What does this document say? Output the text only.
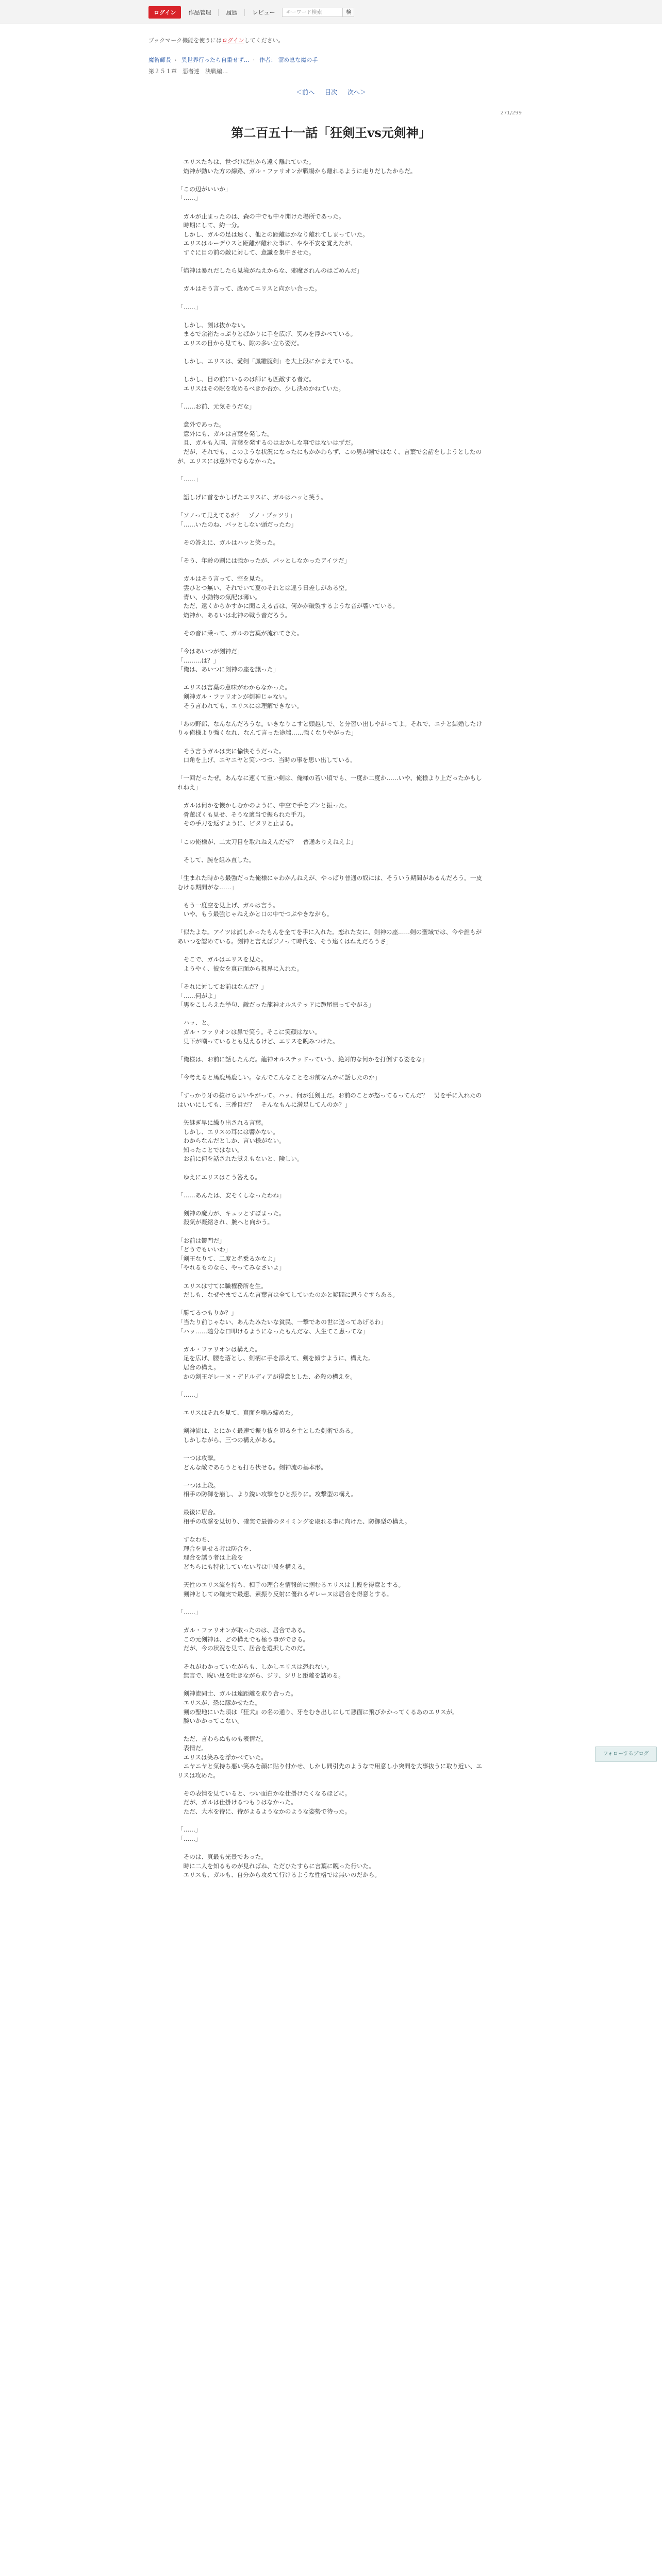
ログイン	作品管理	履歴	レビュー	キーワード検索	検
ブックマーク機能を使うにはログインしてください。
魔術師長 › 異世界行ったら自重せず… · 作者： 溜め息な魔の手
第２５１章　悪者達　決戦編…
＜前へ 目次 次へ＞
271/299
第二百五十一話「狂剣王vs元剣神」

　エリスたちは、世づけば出から遠く離れていた。

　焔神が動いた方の線路、ガル・ファリオンが戦場から離れるように走りだしたからだ。

「この辺がいいか」

「……」

　ガルが止まったのは、森の中でも中々開けた場所であった。

　時期にして、約一分。

　しかし、ガルの足は速く、他との距離はかなり離れてしまっていた。

　エリスはルーデウスと距離が離れた事に、やや不安を覚えたが、

　すぐに目の前の敵に対して、意識を集中させた。

「焔神は暴れだしたら見境がねえからな、邪魔されんのはごめんだ」

　ガルはそう言って、改めてエリスと向かい合った。

「……」

　しかし、剣は抜かない。

　まるで余裕たっぷりとばかりに手を広げ、笑みを浮かべている。

　エリスの目から見ても、隙の多い立ち姿だ。

　しかし、エリスは、愛剣「鳳雛腹剣」を大上段にかまえている。

　しかし、目の前にいるのは師にも匹敵する者だ。

　エリスはその隙を攻めるべきか否か、少し決めかねていた。

「……お前、元気そうだな」

　意外であった。

　意外にも、ガルは言葉を発した。

　且、ガルも入国、言葉を発するのはおかしな事ではないはずだ。

　だが、それでも、このような状況になったにもかかわらず、この男が剣ではなく、言葉で会話をしようとしたのが、エリスには意外でならなかった。

「……」

　語しげに首をかしげたエリスに、ガルはハッと笑う。

「ソノって見えてるか？　ゾノ・プッツリ」

「……いたのね、バッとしない頭だったわ」

　その答えに、ガルはハッと笑った。

「そう、年齢の割には強かったが、パッとしなかったアイツだ」

　ガルはそう言って、空を見た。

　雲ひとつ無い、それでいて夏のそれとは違う日差しがある空。

　青い、小動物の気配は薄い。

　ただ、遠くからかすかに聞こえる音は、何かが破裂するような音が響いている。

　焔神か、あるいは北神の戦う音だろう。

　その音に乗って、ガルの言葉が流れてきた。

「今はあいつが剣神だ」

「………は？」

「俺は、あいつに剣神の座を譲った」

　エリスは言葉の意味がわからなかった。

　剣神ガル・ファリオンが剣神じゃない。

　そう言われても、エリスには理解できない。

「あの野郎、なんなんだろうな。いきなりこすと頭越しで、と分習い出しやがってよ。それで、ニナと結婚したけりゃ俺様より強くなれ、なんて言った途端……強くなりやがった」

　そう言うガルは実に愉快そうだった。

　口角を上げ、ニヤニヤと笑いつつ、当時の事を思い出している。

「一回だったぜ。あんなに速くて重い剣は、俺様の若い頃でも、一度か二度か……いや、俺様より上だったかもしれねえ」

　ガルは何かを懐かしむかのように、中空で手をブンと振った。

　骨董ぽくも見せ、そうな適当で振られた手刀。

　その手刀を返すように、ピタリと止まる。

「この俺様が、二太刀目を取れねえんだぜ？　普通ありえねえよ」

　そして、腕を組み直した。

「生まれた時から最強だった俺様にゃわかんねえが、やっぱり普通の奴には、そういう期間があるんだろう。一皮むける期間がな……」

　もう一度空を見上げ、ガルは言う。

　いや、もう最強じゃねえかと口の中でつぶやきながら。

「似たよな。アイツは試しかったもんを全てを手に入れた。恋れた女に、剣神の座……剣の聖域では、今や誰もがあいつを認めている。剣神と言えばジノって時代を、そう遠くはねえだろうさ」

　そこで、ガルはエリスを見た。

　ようやく、彼女を真正面から視界に入れた。

「それに対してお前はなんだ？」

「……何がよ」

「男をこしらえた挙句、敵だった龍神オルステッドに跪尾振ってやがる」

　ハッ、と。

　ガル・ファリオンは鼻で笑う。そこに笑顔はない。

　見下が嘲っているとも見えるけど、エリスを睨みつけた。

「俺様は、お前に話したんだ。龍神オルステッドっていう、絶対的な何かを打倒する姿をな」

「今考えると馬鹿馬鹿しい。なんでこんなことをお前なんかに話したのか」

「すっかり牙の抜けちまいやがって。ハッ、何が狂剣王だ。お前のことが怒ってるってんだ？　男を手に入れたのはいいにしても、三番目だ？　そんなもんに満足してんのか？」

　矢継ぎ早に繰り出される言葉。

　しかし、エリスの耳には響かない。

　わからなんだとしか、言い様がない。

　知ったことではない。

　お前に何を話された覚えもないと、険しい。

　ゆえにエリスはこう答える。

「……あんたは、安そくしなったわね」

　剣神の魔力が、キュッとすぼまった。

　殺気が凝縮され、腕へと向かう。

「お前は鬱門だ」

「どうでもいいわ」

「剣王なりて、二度と名乗るかなよ」

「やれるものなら、やってみなさいよ」

　エリスは寸てに職権務所を生。

　だしも、なぜやまでこんな言葉言は全てしていたのかと疑問に思うぐすらある。

「勝てるつもりか？」

「当たり前じゃない、あんたみたいな貧民、一撃であの世に送ってあげるわ」

「ハッ……随分な口叩けるようになったもんだな、人生てこ恵ってな」

　ガル・ファリオンは構えた。

　足を広げ、腰を落とし、剣柄に手を添えて、剣を傾すように、構えた。

　居合の構え。

　かの剣王ギレーヌ・デドルディアが得意とした、必殺の構えを。

「……」

　エリスはそれを見て、真面を噛み締めた。

　剣神流は、とにかく最速で振り抜を切るを主とした剣術である。

　しかしながら、三つの構えがある。

　一つは攻撃。

　どんな敵であろうとも打ち伏せる。剣神流の基本形。

　一つは上段。

　相手の防御を崩し、より鋭い攻撃をひと振りに。攻撃型の構え。

　最後に居合。

　相手の攻撃を見切り、確実で最善のタイミングを取れる事に向けた、防御型の構え。

　すなわち、

　理合を見せる者は防合を、

　理合を誘う者は上段を

　どちらにも特化していない者は中段を構える。

　天性のエリス流を持ち、相手の理合を情報的に掴むるエリスは上段を得意とする。

　剣神としての確実で最速、素振り反射に優れるギレーヌは居合を得意とする。

「……」

　ガル・ファリオンが取ったのは、居合である。

　この元剣神は、どの構えでも極う事ができる。

　だが、今の状況を見て、居合を選択したのだ。

　それがわかっていながらも、しかしエリスは恐れない。

　無言で、睨い息を吐きながら、ジリ、ジリと距離を詰める。

　剣神流同士、ガルは遠距離を取り合った。

　エリスが、恐に膝かせたた。

　剣の聖地にいた頃は『狂犬』の名の通り、牙をむき出しにして悪面に飛びかかってくるあのエリスが。

　腕いかかってこない。

　ただ、言わらぬものも表情だ。

　表情だ。

　エリスは笑みを浮かべていた。

　ニヤニヤと気持ち悪い笑みを顔に貼り付かせ、しかし間引先のようなで用意し小突間を大事抜うに取り近い、エリスは攻めた。

　その表情を見ていると、つい面白かな仕掛けたくなるほどに。

　だが、ガルは仕掛けるつもりはなかった。

　ただ、大木を待に、待がよるようなかのような姿勢で待った。

「……」

「……」

　そのは、真最も光景であった。

　時に二人を知るものが見ればね、ただひたすらに言葉に睨った行いた。

　エリスも、ガルも、自分から攻めて行けるような性格では無いのだから。

フォローするブログ
